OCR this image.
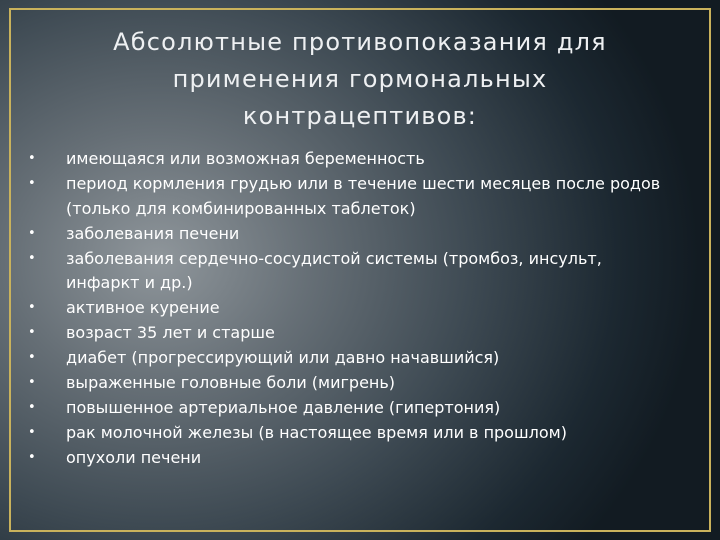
Абсолютные противопоказания для применения гормональных контрацептивов:
• имеющаяся или возможная беременность
• период кормления грудью или в течение шести месяцев после родов (только для комбинированных таблеток)
• заболевания печени
• заболевания сердечно-сосудистой системы (тромбоз, инсульт, инфаркт и др.)
• активное курение
• возраст 35 лет и старше
• диабет (прогрессирующий или давно начавшийся)
• выраженные головные боли (мигрень)
• повышенное артериальное давление (гипертония)
• рак молочной железы (в настоящее время или в прошлом)
• опухоли печени
